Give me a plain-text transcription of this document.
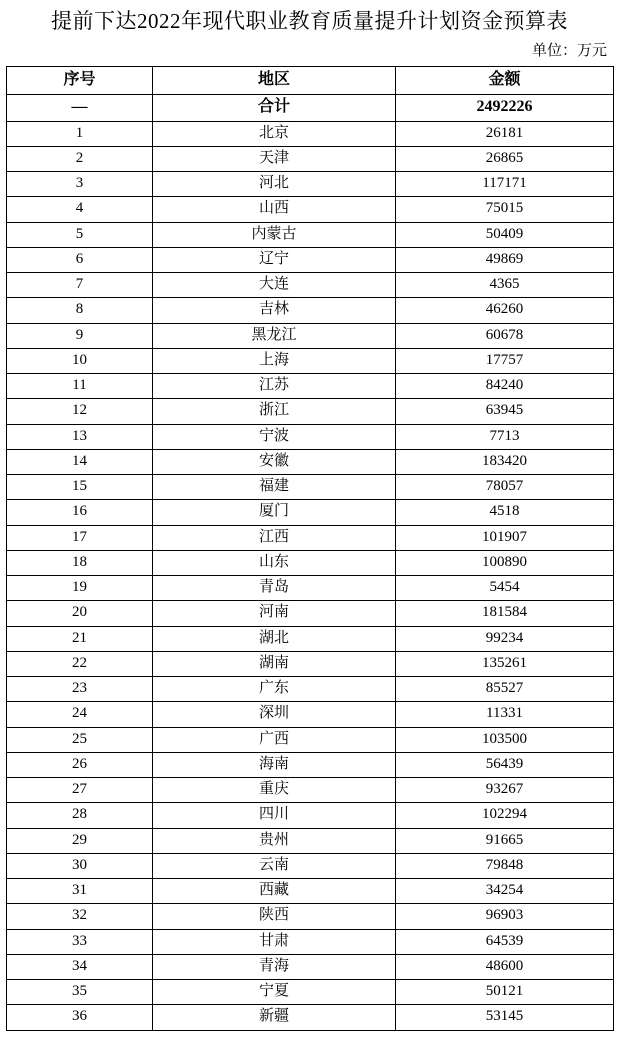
提前下达2022年现代职业教育质量提升计划资金预算表
单位：万元
序号	地区	金额
—	合计	2492226
1	北京	26181
2	天津	26865
3	河北	117171
4	山西	75015
5	内蒙古	50409
6	辽宁	49869
7	大连	4365
8	吉林	46260
9	黑龙江	60678
10	上海	17757
11	江苏	84240
12	浙江	63945
13	宁波	7713
14	安徽	183420
15	福建	78057
16	厦门	4518
17	江西	101907
18	山东	100890
19	青岛	5454
20	河南	181584
21	湖北	99234
22	湖南	135261
23	广东	85527
24	深圳	11331
25	广西	103500
26	海南	56439
27	重庆	93267
28	四川	102294
29	贵州	91665
30	云南	79848
31	西藏	34254
32	陕西	96903
33	甘肃	64539
34	青海	48600
35	宁夏	50121
36	新疆	53145
